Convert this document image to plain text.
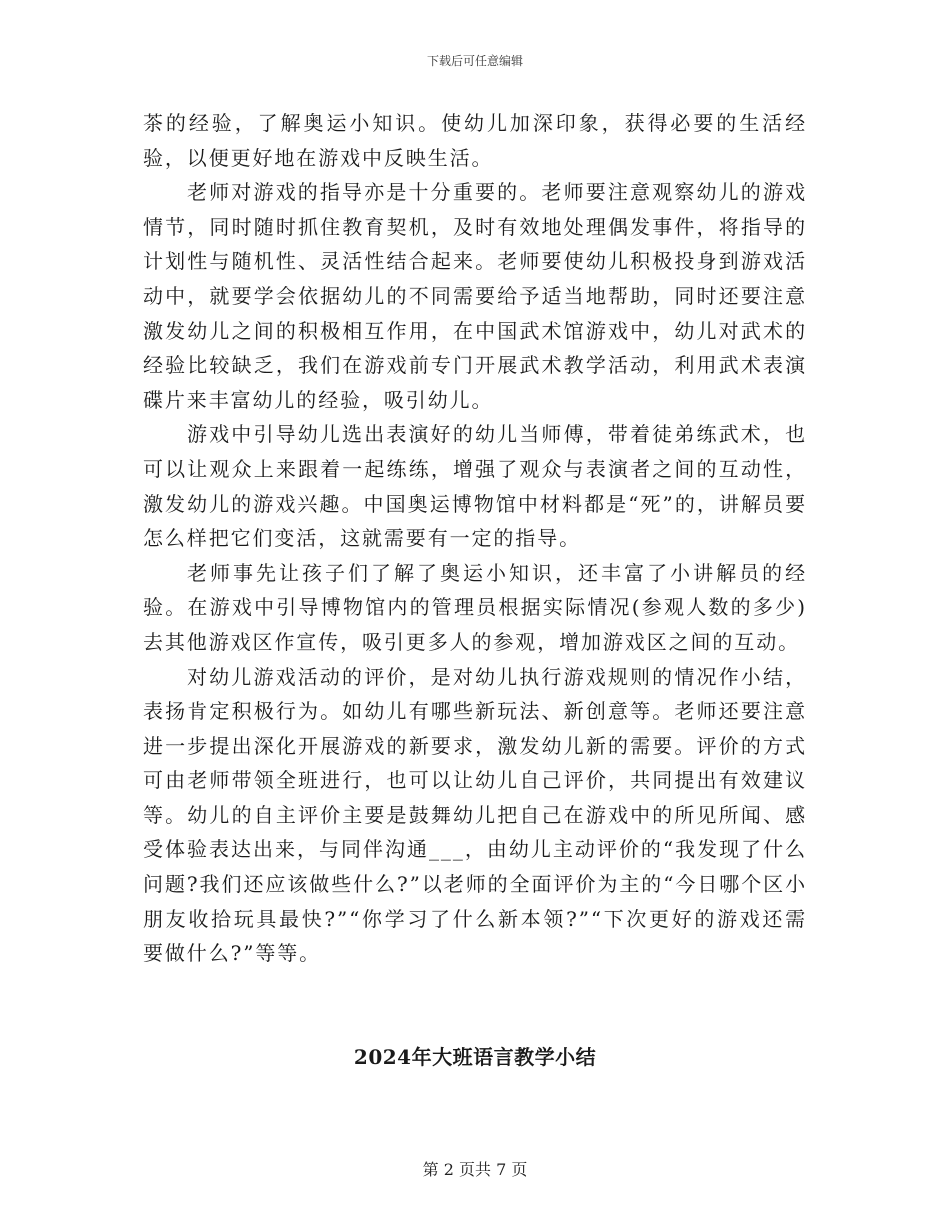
下载后可任意编辑

茶的经验，了解奥运小知识。使幼儿加深印象，获得必要的生活经验，以便更好地在游戏中反映生活。

老师对游戏的指导亦是十分重要的。老师要注意观察幼儿的游戏情节，同时随时抓住教育契机，及时有效地处理偶发事件，将指导的计划性与随机性、灵活性结合起来。老师要使幼儿积极投身到游戏活动中，就要学会依据幼儿的不同需要给予适当地帮助，同时还要注意激发幼儿之间的积极相互作用，在中国武术馆游戏中，幼儿对武术的经验比较缺乏，我们在游戏前专门开展武术教学活动，利用武术表演碟片来丰富幼儿的经验，吸引幼儿。

游戏中引导幼儿选出表演好的幼儿当师傅，带着徒弟练武术，也可以让观众上来跟着一起练练，增强了观众与表演者之间的互动性，激发幼儿的游戏兴趣。中国奥运博物馆中材料都是“死”的，讲解员要怎么样把它们变活，这就需要有一定的指导。

老师事先让孩子们了解了奥运小知识，还丰富了小讲解员的经验。在游戏中引导博物馆内的管理员根据实际情况(参观人数的多少)去其他游戏区作宣传，吸引更多人的参观，增加游戏区之间的互动。

对幼儿游戏活动的评价，是对幼儿执行游戏规则的情况作小结，表扬肯定积极行为。如幼儿有哪些新玩法、新创意等。老师还要注意进一步提出深化开展游戏的新要求，激发幼儿新的需要。评价的方式可由老师带领全班进行，也可以让幼儿自己评价，共同提出有效建议等。幼儿的自主评价主要是鼓舞幼儿把自己在游戏中的所见所闻、感受体验表达出来，与同伴沟通___，由幼儿主动评价的“我发现了什么问题?我们还应该做些什么?”以老师的全面评价为主的“今日哪个区小朋友收拾玩具最快?”“你学习了什么新本领?”“下次更好的游戏还需要做什么?”等等。

2024年大班语言教学小结
第 2 页共 7 页
